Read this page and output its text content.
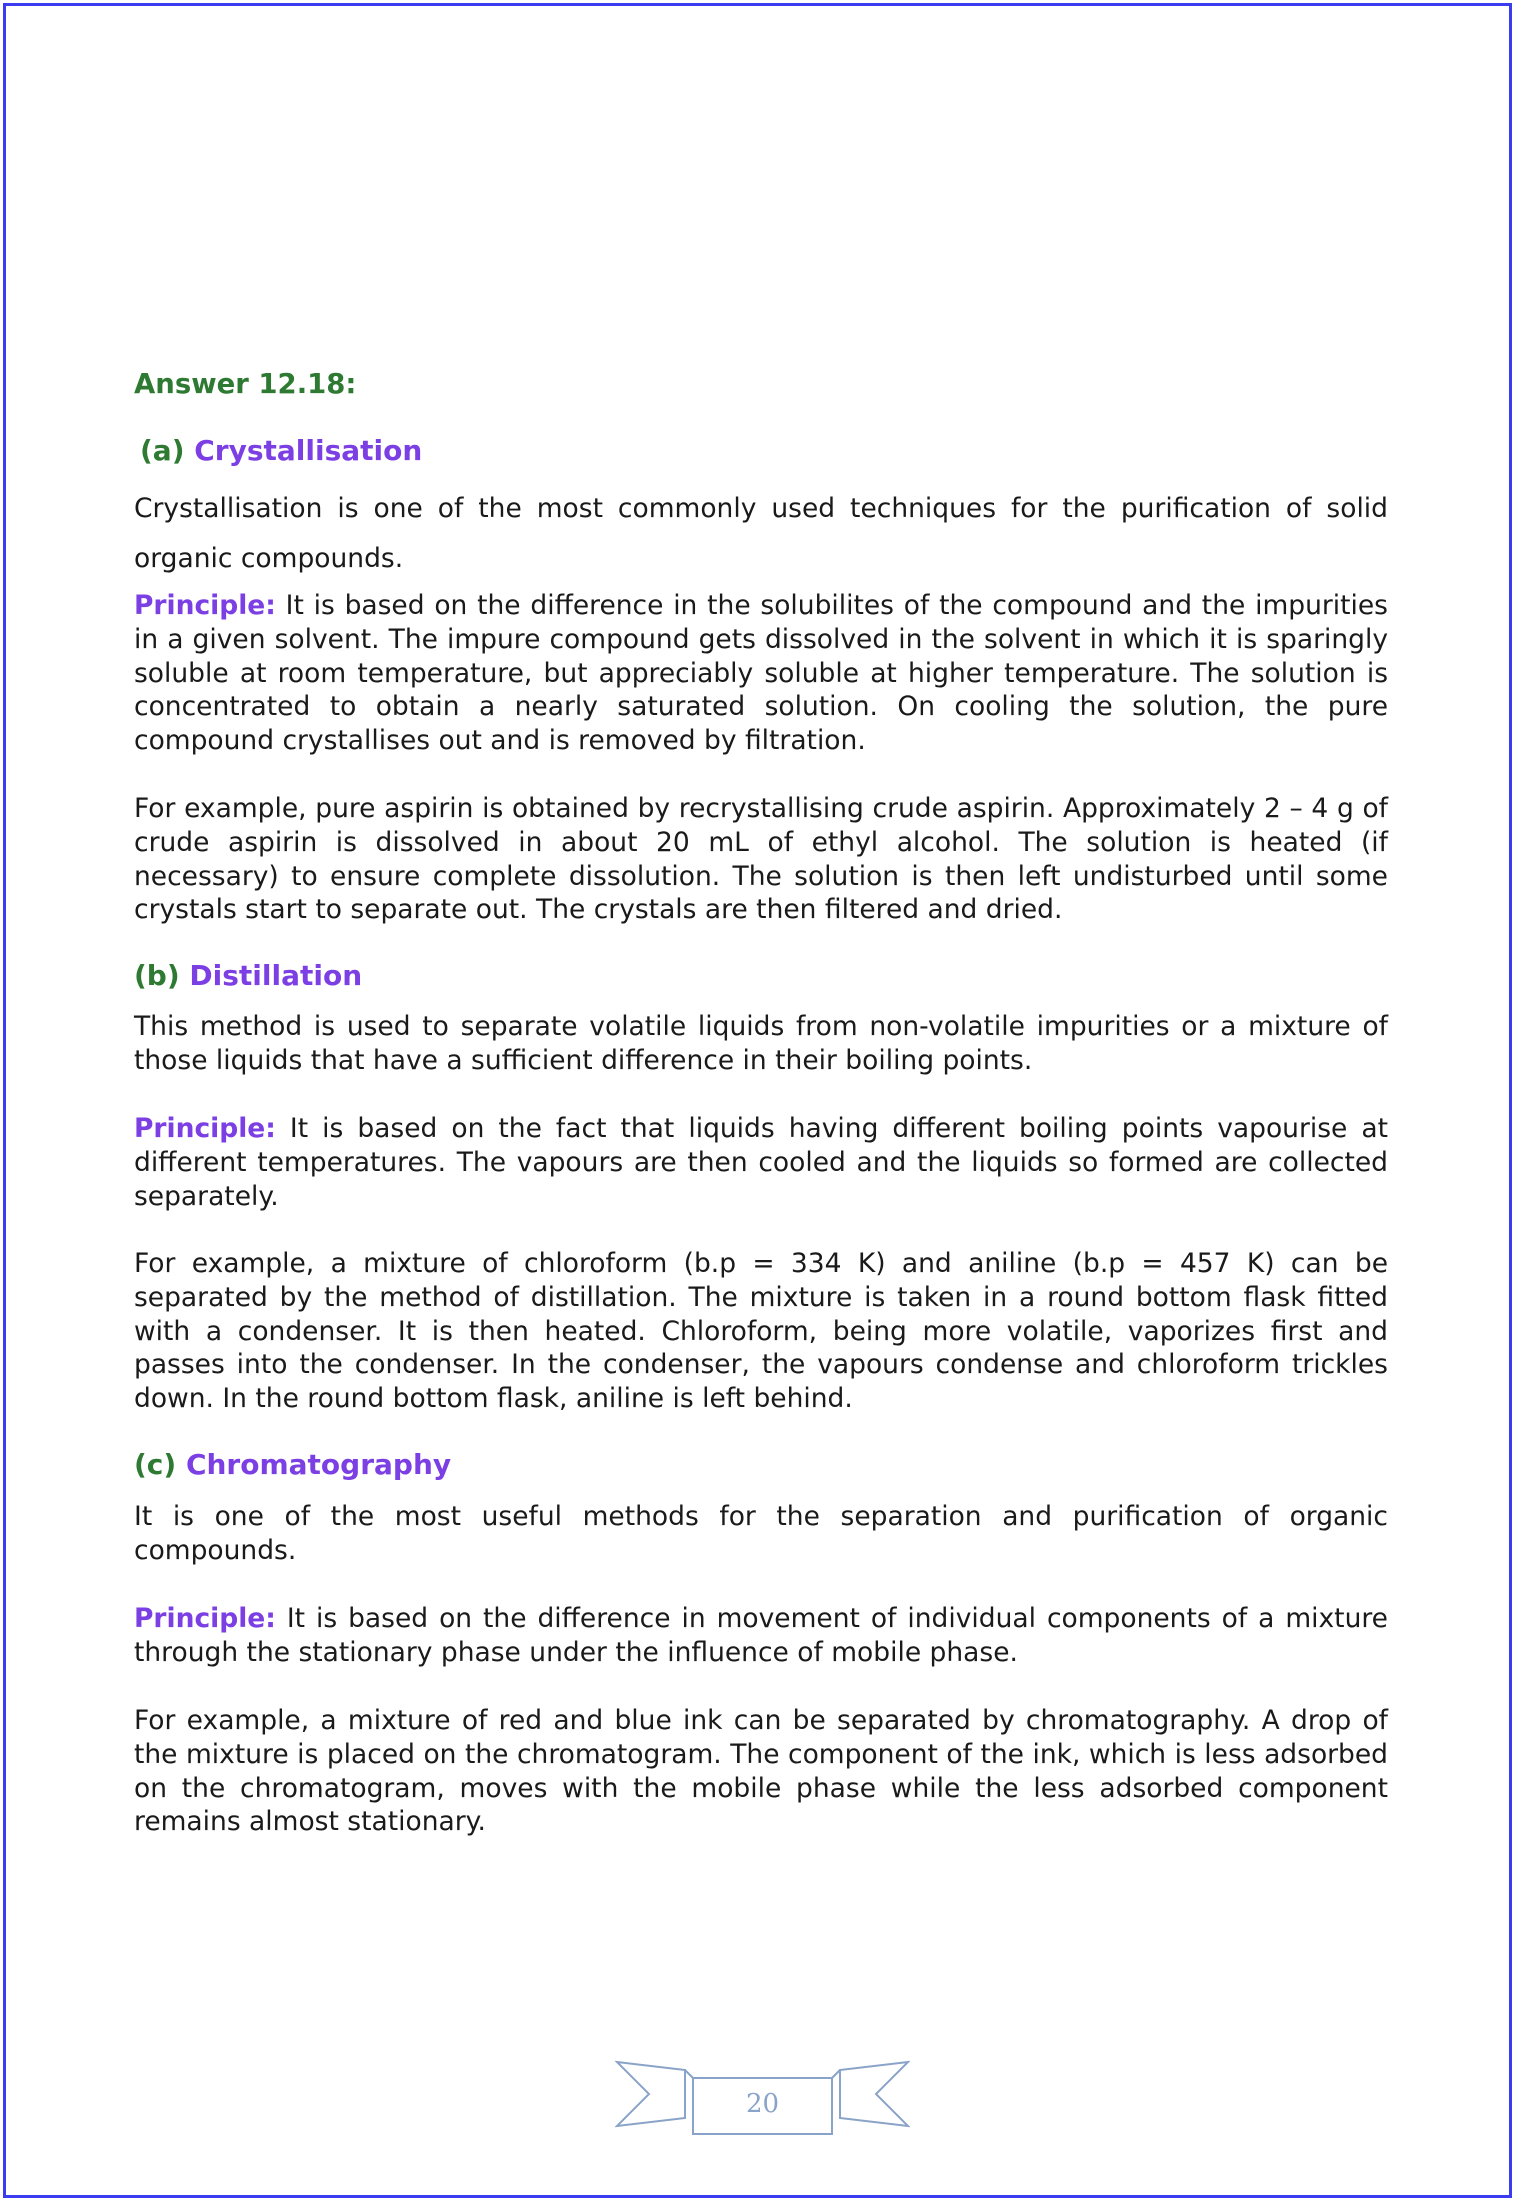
Answer 12.18:
(a) Crystallisation

Crystallisation is one of the most commonly used techniques for the purification of solid organic compounds.

Principle: It is based on the difference in the solubilites of the compound and the impurities in a given solvent. The impure compound gets dissolved in the solvent in which it is sparingly soluble at room temperature, but appreciably soluble at higher temperature. The solution is concentrated to obtain a nearly saturated solution. On cooling the solution, the pure compound crystallises out and is removed by filtration.

For example, pure aspirin is obtained by recrystallising crude aspirin. Approximately 2 – 4 g of crude aspirin is dissolved in about 20 mL of ethyl alcohol. The solution is heated (if necessary) to ensure complete dissolution. The solution is then left undisturbed until some crystals start to separate out. The crystals are then filtered and dried.

(b) Distillation

This method is used to separate volatile liquids from non-volatile impurities or a mixture of those liquids that have a sufficient difference in their boiling points.

Principle: It is based on the fact that liquids having different boiling points vapourise at different temperatures. The vapours are then cooled and the liquids so formed are collected separately.

For example, a mixture of chloroform (b.p = 334 K) and aniline (b.p = 457 K) can be separated by the method of distillation. The mixture is taken in a round bottom flask fitted with a condenser. It is then heated. Chloroform, being more volatile, vaporizes first and passes into the condenser. In the condenser, the vapours condense and chloroform trickles down. In the round bottom flask, aniline is left behind.

(c) Chromatography

It is one of the most useful methods for the separation and purification of organic compounds.

Principle: It is based on the difference in movement of individual components of a mixture through the stationary phase under the influence of mobile phase.

For example, a mixture of red and blue ink can be separated by chromatography. A drop of the mixture is placed on the chromatogram. The component of the ink, which is less adsorbed on the chromatogram, moves with the mobile phase while the less adsorbed component remains almost stationary.

20
